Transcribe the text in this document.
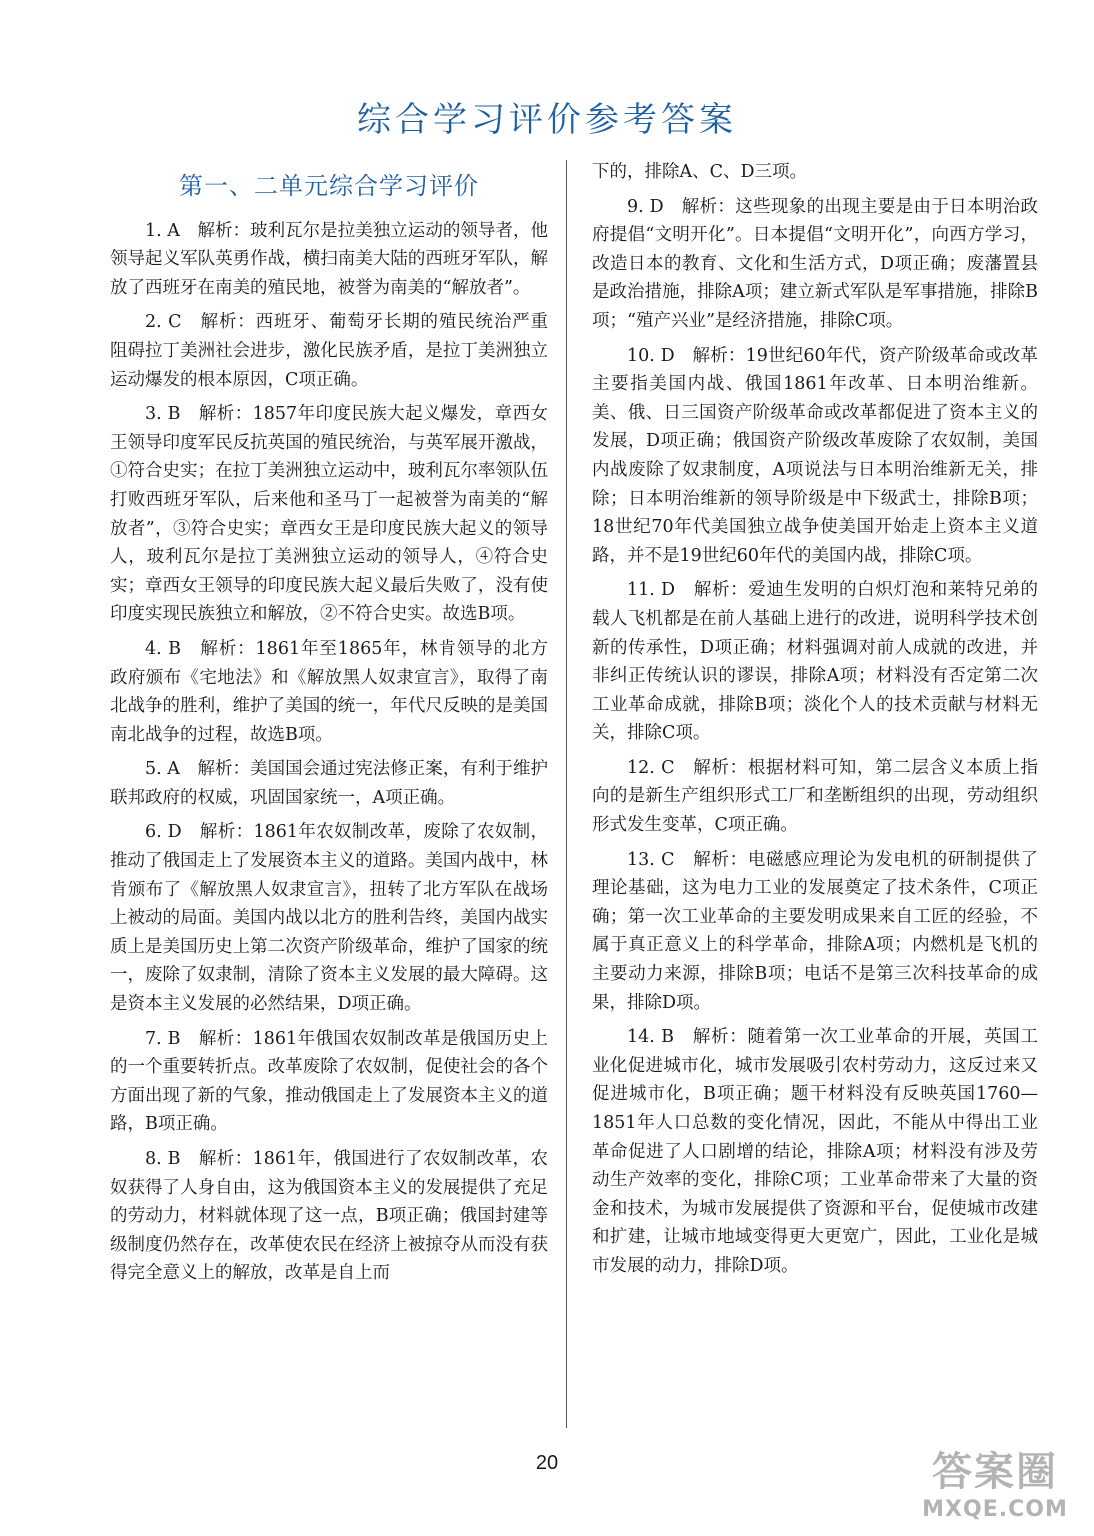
综合学习评价参考答案
第一、二单元综合学习评价

1. A　解析：玻利瓦尔是拉美独立运动的领导者，他领导起义军队英勇作战，横扫南美大陆的西班牙军队，解放了西班牙在南美的殖民地，被誉为南美的“解放者”。

2. C　解析：西班牙、葡萄牙长期的殖民统治严重阻碍拉丁美洲社会进步，激化民族矛盾，是拉丁美洲独立运动爆发的根本原因，C项正确。

3. B　解析：1857年印度民族大起义爆发，章西女王领导印度军民反抗英国的殖民统治，与英军展开激战，①符合史实；在拉丁美洲独立运动中，玻利瓦尔率领队伍打败西班牙军队，后来他和圣马丁一起被誉为南美的“解放者”，③符合史实；章西女王是印度民族大起义的领导人，玻利瓦尔是拉丁美洲独立运动的领导人，④符合史实；章西女王领导的印度民族大起义最后失败了，没有使印度实现民族独立和解放，②不符合史实。故选B项。

4. B　解析：1861年至1865年，林肯领导的北方政府颁布《宅地法》和《解放黑人奴隶宣言》，取得了南北战争的胜利，维护了美国的统一，年代尺反映的是美国南北战争的过程，故选B项。

5. A　解析：美国国会通过宪法修正案，有利于维护联邦政府的权威，巩固国家统一，A项正确。

6. D　解析：1861年农奴制改革，废除了农奴制，推动了俄国走上了发展资本主义的道路。美国内战中，林肯颁布了《解放黑人奴隶宣言》，扭转了北方军队在战场上被动的局面。美国内战以北方的胜利告终，美国内战实质上是美国历史上第二次资产阶级革命，维护了国家的统一，废除了奴隶制，清除了资本主义发展的最大障碍。这是资本主义发展的必然结果，D项正确。

7. B　解析：1861年俄国农奴制改革是俄国历史上的一个重要转折点。改革废除了农奴制，促使社会的各个方面出现了新的气象，推动俄国走上了发展资本主义的道路，B项正确。

8. B　解析：1861年，俄国进行了农奴制改革，农奴获得了人身自由，这为俄国资本主义的发展提供了充足的劳动力，材料就体现了这一点，B项正确；俄国封建等级制度仍然存在，改革使农民在经济上被掠夺从而没有获得完全意义上的解放，改革是自上而

下的，排除A、C、D三项。

9. D　解析：这些现象的出现主要是由于日本明治政府提倡“文明开化”。日本提倡“文明开化”，向西方学习，改造日本的教育、文化和生活方式，D项正确；废藩置县是政治措施，排除A项；建立新式军队是军事措施，排除B项；“殖产兴业”是经济措施，排除C项。

10. D　解析：19世纪60年代，资产阶级革命或改革主要指美国内战、俄国1861年改革、日本明治维新。美、俄、日三国资产阶级革命或改革都促进了资本主义的发展，D项正确；俄国资产阶级改革废除了农奴制，美国内战废除了奴隶制度，A项说法与日本明治维新无关，排除；日本明治维新的领导阶级是中下级武士，排除B项；18世纪70年代美国独立战争使美国开始走上资本主义道路，并不是19世纪60年代的美国内战，排除C项。

11. D　解析：爱迪生发明的白炽灯泡和莱特兄弟的载人飞机都是在前人基础上进行的改进，说明科学技术创新的传承性，D项正确；材料强调对前人成就的改进，并非纠正传统认识的谬误，排除A项；材料没有否定第二次工业革命成就，排除B项；淡化个人的技术贡献与材料无关，排除C项。

12. C　解析：根据材料可知，第二层含义本质上指向的是新生产组织形式工厂和垄断组织的出现，劳动组织形式发生变革，C项正确。

13. C　解析：电磁感应理论为发电机的研制提供了理论基础，这为电力工业的发展奠定了技术条件，C项正确；第一次工业革命的主要发明成果来自工匠的经验，不属于真正意义上的科学革命，排除A项；内燃机是飞机的主要动力来源，排除B项；电话不是第三次科技革命的成果，排除D项。

14. B　解析：随着第一次工业革命的开展，英国工业化促进城市化，城市发展吸引农村劳动力，这反过来又促进城市化，B项正确；题干材料没有反映英国1760—1851年人口总数的变化情况，因此，不能从中得出工业革命促进了人口剧增的结论，排除A项；材料没有涉及劳动生产效率的变化，排除C项；工业革命带来了大量的资金和技术，为城市发展提供了资源和平台，促使城市改建和扩建，让城市地域变得更大更宽广，因此，工业化是城市发展的动力，排除D项。

20	答案圈
MXQE.COM
